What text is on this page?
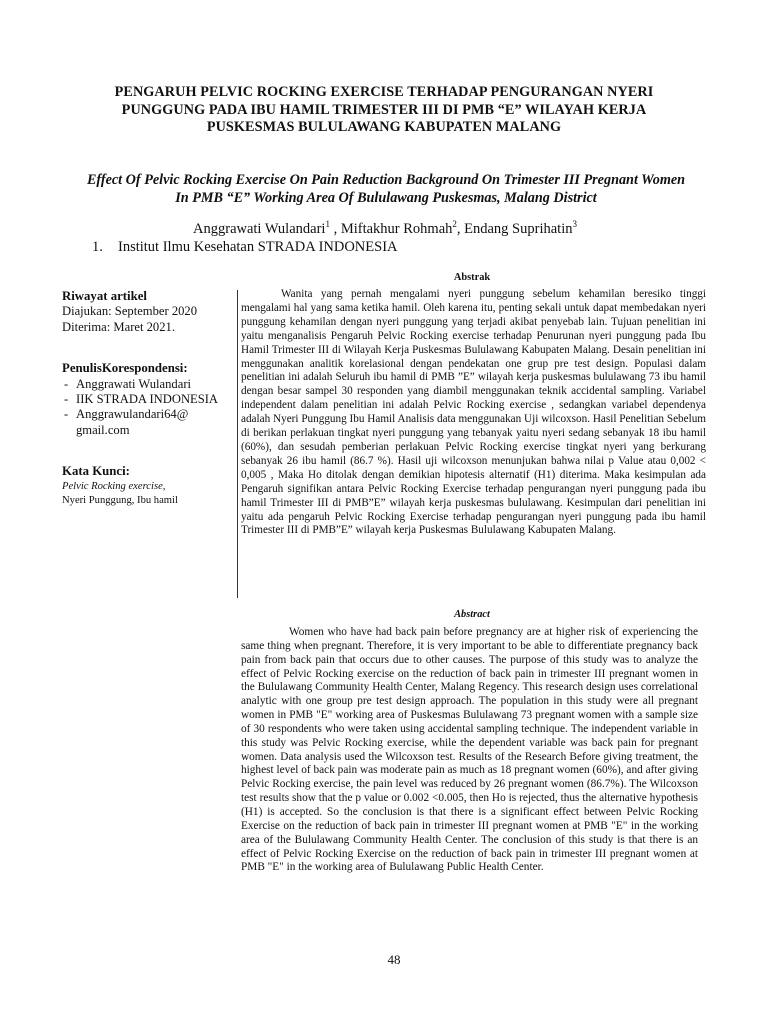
PENGARUH PELVIC ROCKING EXERCISE TERHADAP PENGURANGAN NYERI PUNGGUNG PADA IBU HAMIL TRIMESTER III DI PMB “E” WILAYAH KERJA PUSKESMAS BULULAWANG KABUPATEN MALANG
Effect Of Pelvic Rocking Exercise On Pain Reduction Background On Trimester III Pregnant Women In PMB “E” Working Area Of Bululawang Puskesmas, Malang District
Anggrawati Wulandari$^1$ , Miftakhur Rohmah$^2$, Endang Suprihatin$^3$
1. Institut Ilmu Kesehatan STRADA INDONESIA
Riwayat artikel
Diajukan: September 2020
Diterima: Maret 2021.
PenulisKorespondensi:
- Anggrawati Wulandari
- IIK STRADA INDONESIA
- Anggrawulandari64@ gmail.com
Kata Kunci:
Pelvic Rocking exercise,
Nyeri Punggung, Ibu hamil
Abstrak

Wanita yang pernah mengalami nyeri punggung sebelum kehamilan beresiko tinggi mengalami hal yang sama ketika hamil. Oleh karena itu, penting sekali untuk dapat membedakan nyeri punggung kehamilan dengan nyeri punggung yang terjadi akibat penyebab lain. Tujuan penelitian ini yaitu menganalisis Pengaruh Pelvic Rocking exercise terhadap Penurunan nyeri punggung pada Ibu Hamil Trimester III di Wilayah Kerja Puskesmas Bululawang Kabupaten Malang. Desain penelitian ini menggunakan analitik korelasional dengan pendekatan one grup pre test design. Populasi dalam penelitian ini adalah Seluruh ibu hamil di PMB ”E” wilayah kerja puskesmas bululawang 73 ibu hamil dengan besar sampel 30 responden yang diambil menggunakan teknik accidental sampling. Variabel independent dalam penelitian ini adalah Pelvic Rocking exercise , sedangkan variabel dependenya adalah Nyeri Punggung Ibu Hamil Analisis data menggunakan Uji wilcoxson. Hasil Penelitian Sebelum di berikan perlakuan tingkat nyeri punggung yang tebanyak yaitu nyeri sedang sebanyak 18 ibu hamil (60%), dan sesudah pemberian perlakuan Pelvic Rocking exercise tingkat nyeri yang berkurang sebanyak 26 ibu hamil (86.7 %). Hasil uji wilcoxson menunjukan bahwa nilai p Value atau 0,002 < 0,005 , Maka Ho ditolak dengan demikian hipotesis alternatif (H1) diterima. Maka kesimpulan ada Pengaruh signifikan antara Pelvic Rocking Exercise terhadap pengurangan nyeri punggung pada ibu hamil Trimester III di PMB”E” wilayah kerja puskesmas bululawang. Kesimpulan dari penelitian ini yaitu ada pengaruh Pelvic Rocking Exercise terhadap pengurangan nyeri punggung pada ibu hamil Trimester III di PMB”E” wilayah kerja Puskesmas Bululawang Kabupaten Malang.

Abstract

Women who have had back pain before pregnancy are at higher risk of experiencing the same thing when pregnant. Therefore, it is very important to be able to differentiate pregnancy back pain from back pain that occurs due to other causes. The purpose of this study was to analyze the effect of Pelvic Rocking exercise on the reduction of back pain in trimester III pregnant women in the Bululawang Community Health Center, Malang Regency. This research design uses correlational analytic with one group pre test design approach. The population in this study were all pregnant women in PMB "E" working area of Puskesmas Bululawang 73 pregnant women with a sample size of 30 respondents who were taken using accidental sampling technique. The independent variable in this study was Pelvic Rocking exercise, while the dependent variable was back pain for pregnant women. Data analysis used the Wilcoxson test. Results of the Research Before giving treatment, the highest level of back pain was moderate pain as much as 18 pregnant women (60%), and after giving Pelvic Rocking exercise, the pain level was reduced by 26 pregnant women (86.7%). The Wilcoxson test results show that the p value or 0.002 <0.005, then Ho is rejected, thus the alternative hypothesis (H1) is accepted. So the conclusion is that there is a significant effect between Pelvic Rocking Exercise on the reduction of back pain in trimester III pregnant women at PMB "E" in the working area of the Bululawang Community Health Center. The conclusion of this study is that there is an effect of Pelvic Rocking Exercise on the reduction of back pain in trimester III pregnant women at PMB "E" in the working area of Bululawang Public Health Center.

48
